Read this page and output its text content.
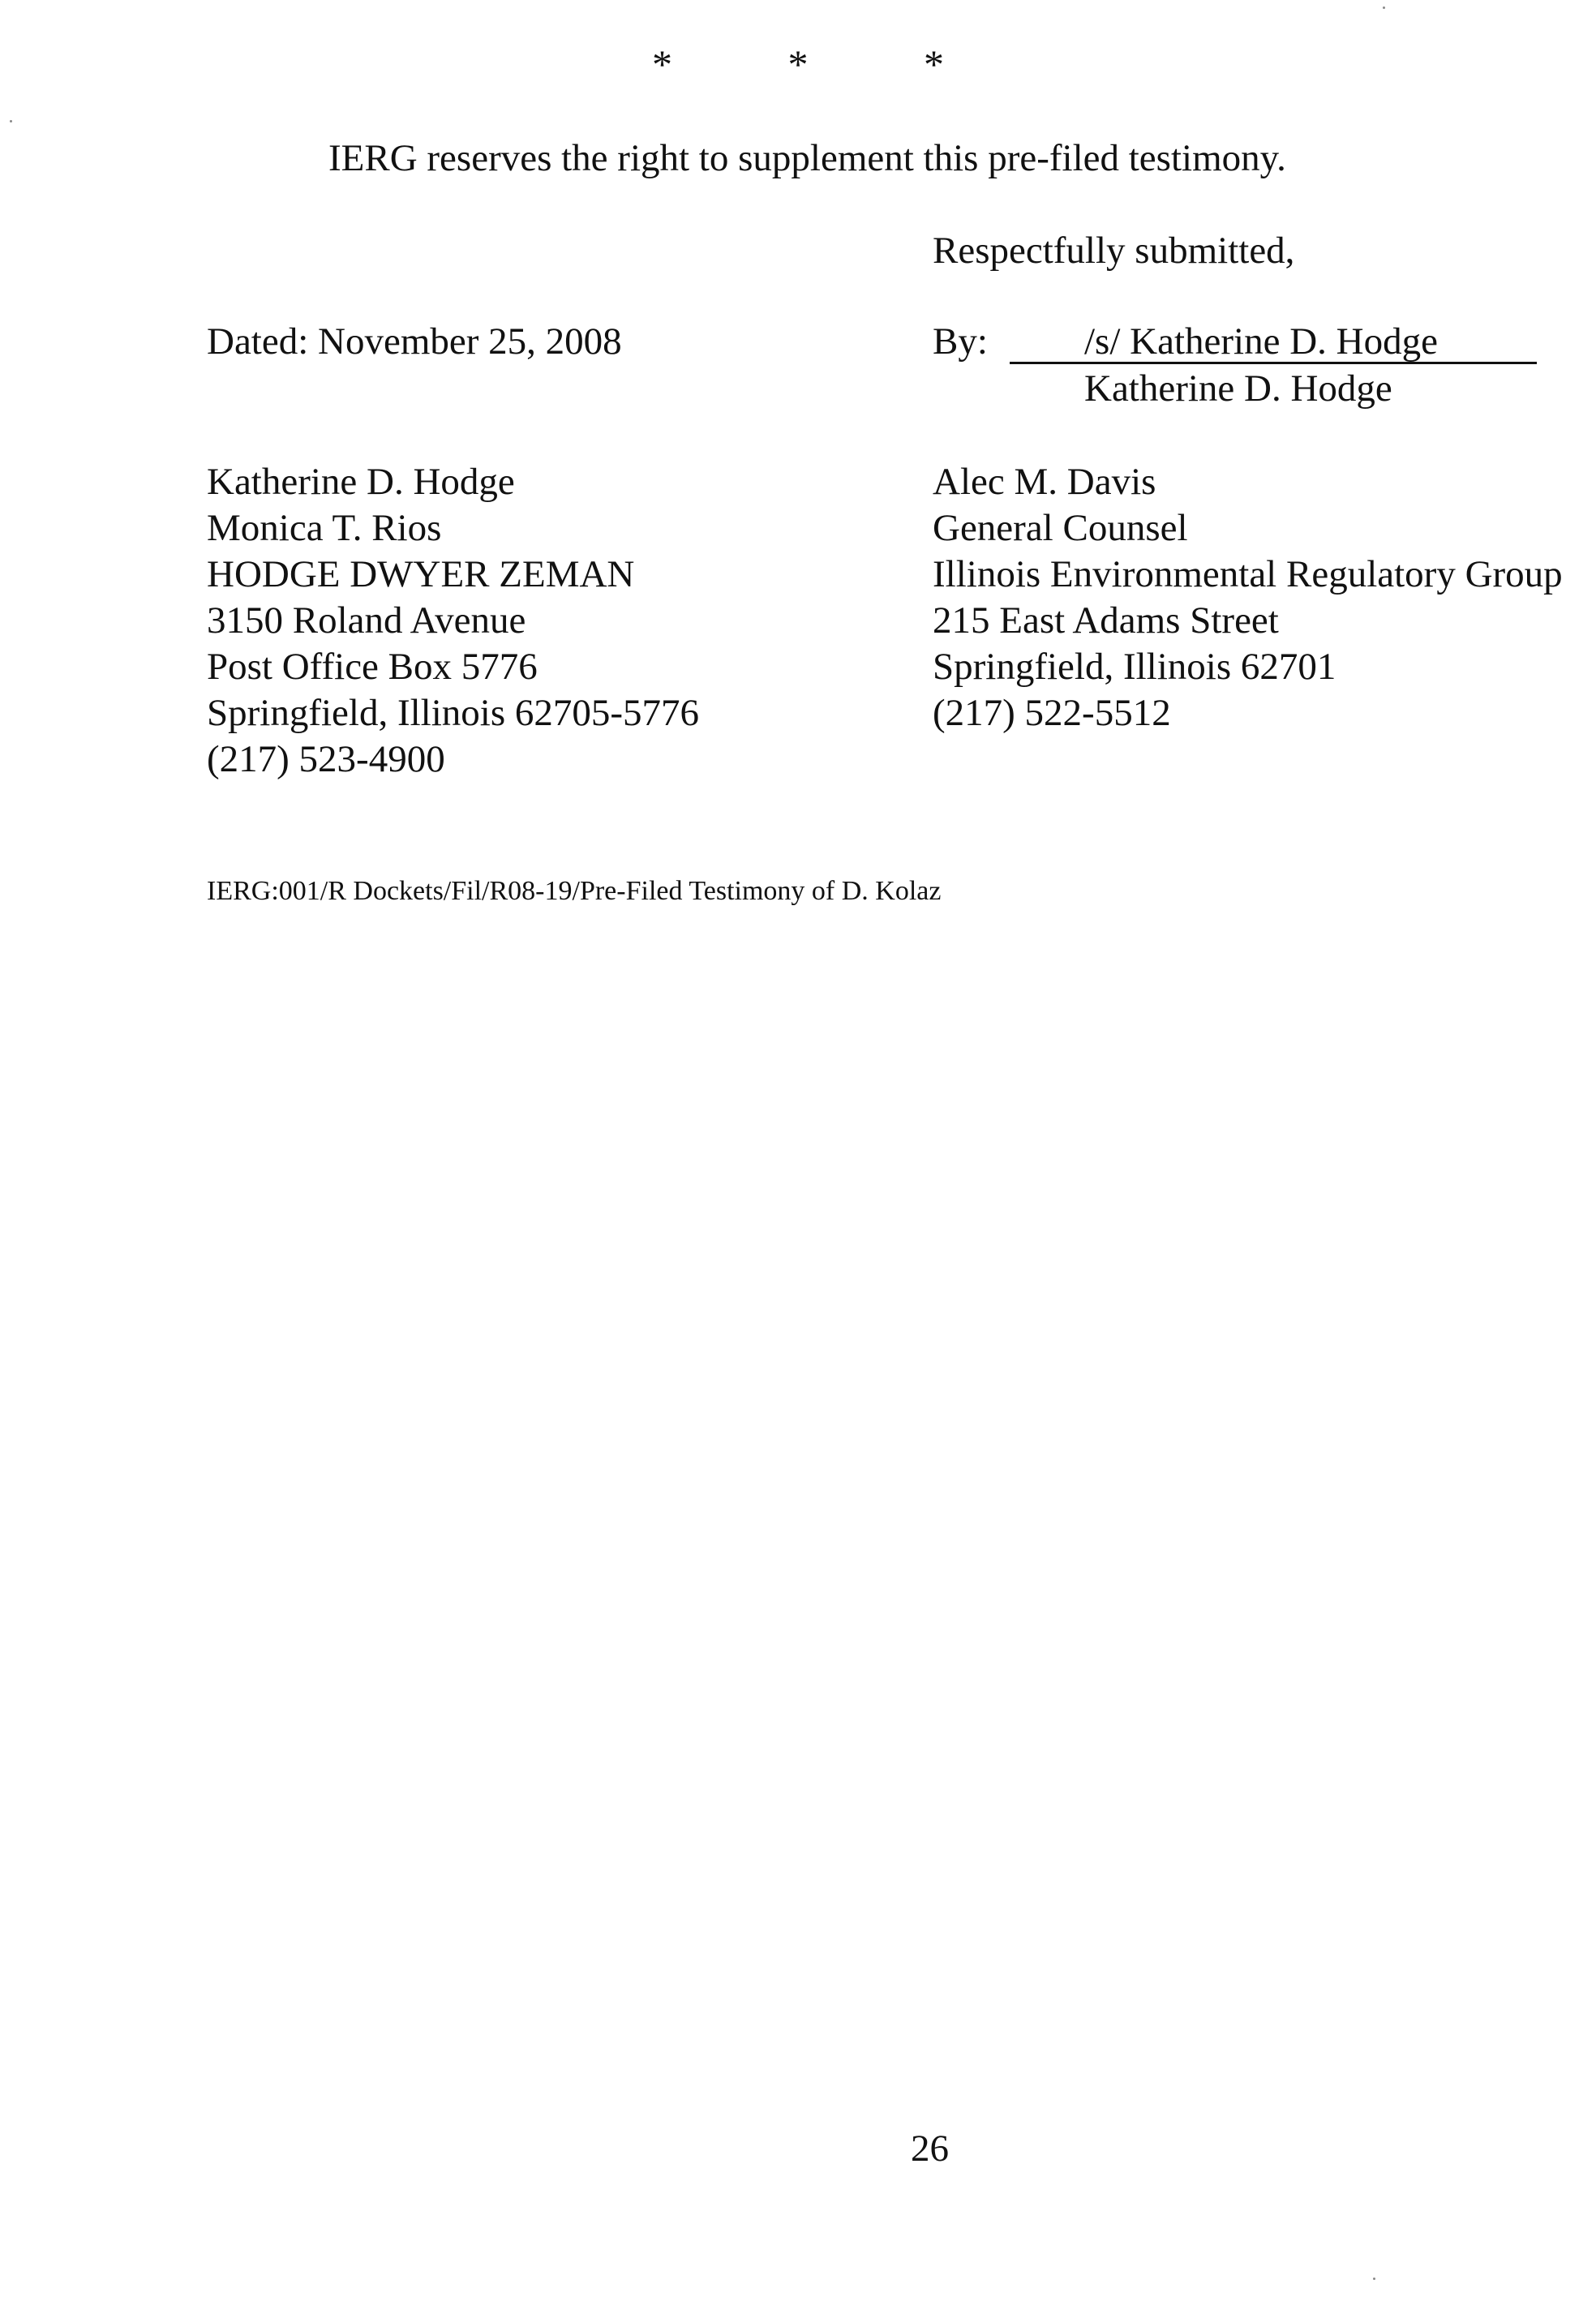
*	*	*
IERG reserves the right to supplement this pre-filed testimony.
Respectfully submitted,
Dated: November 25, 2008	By:	/s/ Katherine D. Hodge
Katherine D. Hodge
Katherine D. Hodge
Monica T. Rios
HODGE DWYER ZEMAN
3150 Roland Avenue
Post Office Box 5776
Springfield, Illinois 62705-5776
(217) 523-4900
Alec M. Davis
General Counsel
Illinois Environmental Regulatory Group
215 East Adams Street
Springfield, Illinois 62701
(217) 522-5512
IERG:001/R Dockets/Fil/R08-19/Pre-Filed Testimony of D. Kolaz
26
